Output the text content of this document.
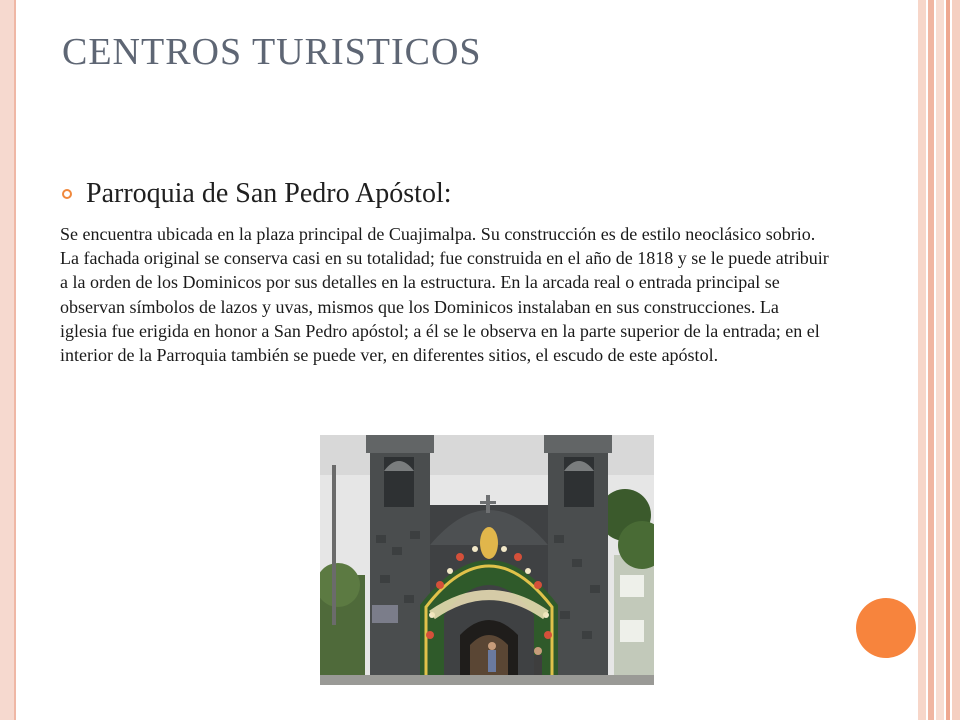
CENTROS TURISTICOS
Parroquia de San Pedro Apóstol:

Se encuentra ubicada en la plaza principal de Cuajimalpa. Su construcción es de estilo neoclásico sobrio. La fachada original se conserva casi en su totalidad; fue construida en el año de 1818 y se le puede atribuir a la orden de los Dominicos por sus detalles en la estructura. En la arcada real o entrada principal se observan símbolos de lazos y uvas, mismos que los Dominicos instalaban en sus construcciones. La iglesia fue erigida en honor a San Pedro apóstol; a él se le observa en la parte superior de la entrada; en el interior de la Parroquia también se puede ver, en diferentes sitios, el escudo de este apóstol.
